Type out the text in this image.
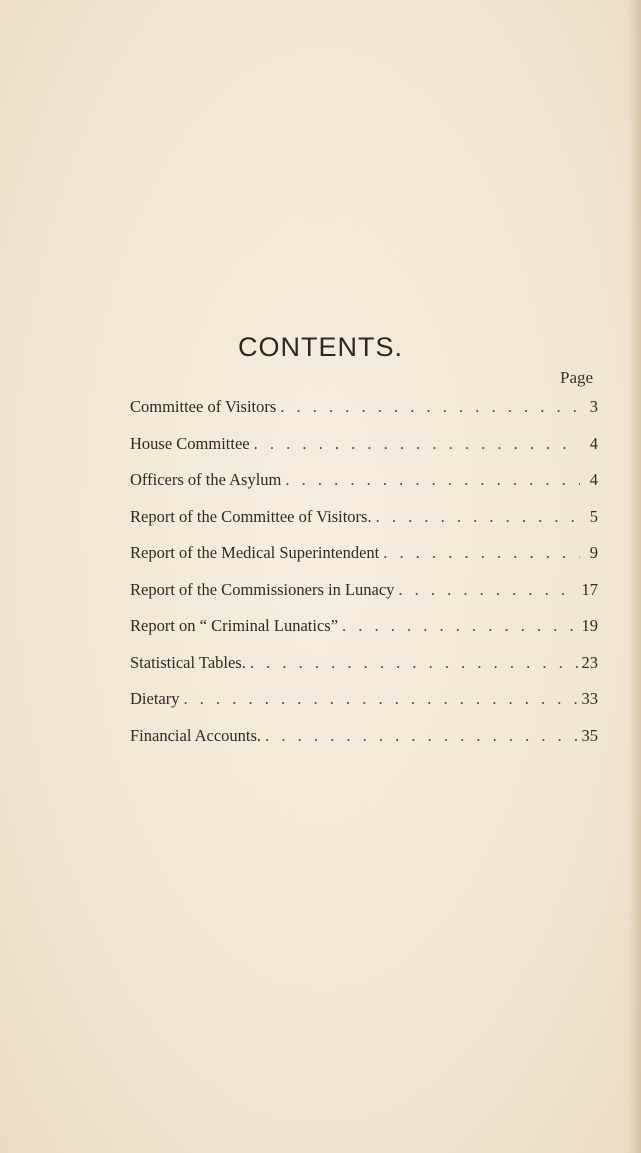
CONTENTS.
Page
Committee of Visitors . . .	3
House Committee . . .	4
Officers of the Asylum . . .	4
Report of the Committee of Visitors. . . .	5
Report of the Medical Superintendent . . .	9
Report of the Commissioners in Lunacy . . .	17
Report on “ Criminal Lunatics” . . .	19
Statistical Tables. . . .	23
Dietary . . .	33
Financial Accounts. . . .	35
